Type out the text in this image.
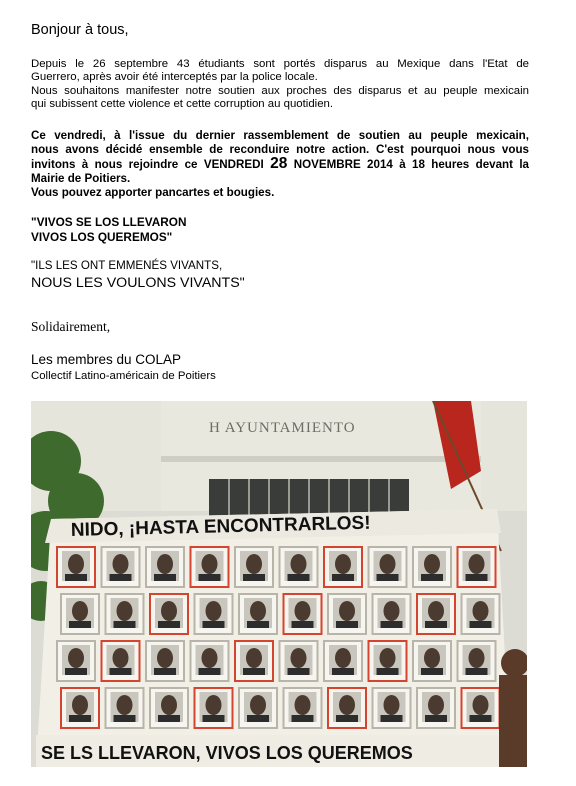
Bonjour à tous,
Depuis le 26 septembre 43 étudiants sont portés disparus au Mexique dans l'Etat de
Guerrero, après avoir été interceptés par la police locale.
Nous souhaitons manifester notre soutien aux proches des disparus et au peuple mexicain
qui subissent cette violence et cette corruption au quotidien.
Ce vendredi, à l'issue du dernier rassemblement de soutien au peuple mexicain,
nous avons décidé ensemble de reconduire notre action. C'est pourquoi nous vous
invitons à nous rejoindre ce VENDREDI 28 NOVEMBRE 2014 à 18 heures devant la
Mairie de Poitiers.
Vous pouvez apporter pancartes et bougies.
"VIVOS SE LOS LLEVARON
VIVOS LOS QUEREMOS"
"ILS LES ONT EMMENÉS VIVANTS,
NOUS LES VOULONS VIVANTS"
Solidairement,
Les membres du COLAP
Collectif Latino-américain de Poitiers
H AYUNTAMIENTO
NIDO, ¡HASTA ENCONTRARLOS!
SE LS LLEVARON, VIVOS LOS QUEREMOS
